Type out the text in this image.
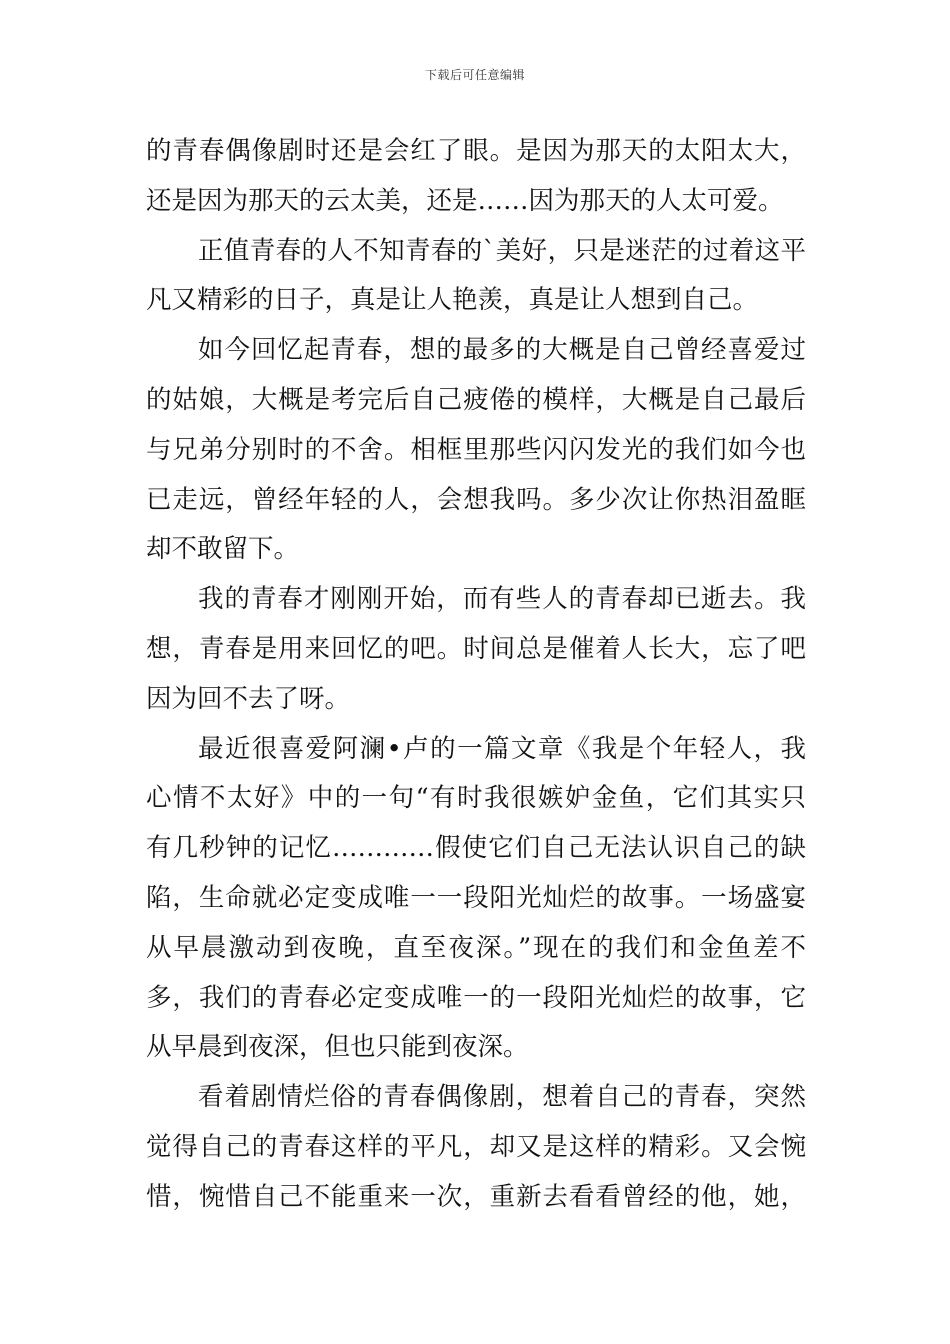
下载后可任意编辑
的青春偶像剧时还是会红了眼。是因为那天的太阳太大，
还是因为那天的云太美，还是……因为那天的人太可爱。
正值青春的人不知青春的`美好，只是迷茫的过着这平
凡又精彩的日子，真是让人艳羡，真是让人想到自己。
如今回忆起青春，想的最多的大概是自己曾经喜爱过
的姑娘，大概是考完后自己疲倦的模样，大概是自己最后
与兄弟分别时的不舍。相框里那些闪闪发光的我们如今也
已走远，曾经年轻的人，会想我吗。多少次让你热泪盈眶
却不敢留下。
我的青春才刚刚开始，而有些人的青春却已逝去。我
想，青春是用来回忆的吧。时间总是催着人长大，忘了吧
因为回不去了呀。
最近很喜爱阿澜•卢的一篇文章《我是个年轻人，我
心情不太好》中的一句“有时我很嫉妒金鱼，它们其实只
有几秒钟的记忆…………假使它们自己无法认识自己的缺
陷，生命就必定变成唯一一段阳光灿烂的故事。一场盛宴
从早晨激动到夜晚，直至夜深。”现在的我们和金鱼差不
多，我们的青春必定变成唯一的一段阳光灿烂的故事，它
从早晨到夜深，但也只能到夜深。
看着剧情烂俗的青春偶像剧，想着自己的青春，突然
觉得自己的青春这样的平凡，却又是这样的精彩。又会惋
惜，惋惜自己不能重来一次，重新去看看曾经的他，她，
